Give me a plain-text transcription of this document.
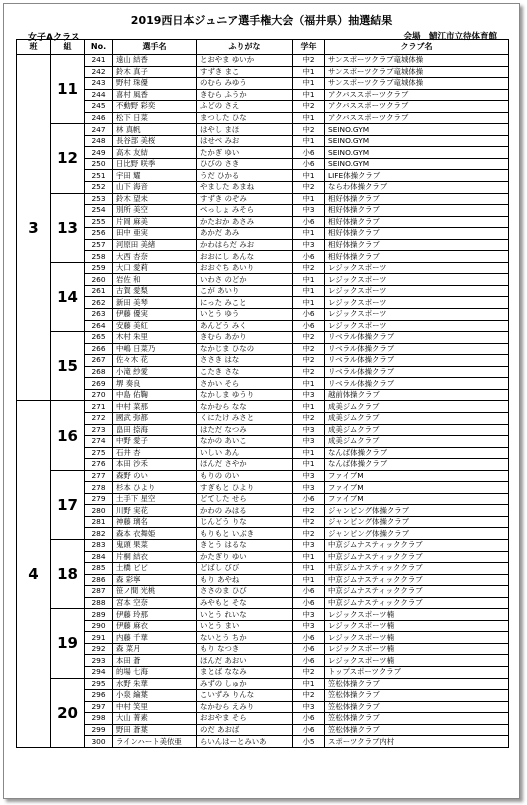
2019西日本ジュニア選手権大会（福井県）抽選結果
女子Aクラス	会場　鯖江市立待体育館
班	組	No.	選手名	ふりがな	学年	クラブ名
3	11	241	遠山 結香	とおやま ゆいか	中2	サンスポーツクラブ竜城体操
		242	鈴木 真子	すずき まこ	中1	サンスポーツクラブ竜城体操
		243	野村 珠優	のむら みゆう	中1	サンスポーツクラブ竜城体操
		244	喜村 風香	きむら ふうか	中1	アクバススポーツクラブ
		245	不動野 彩奕	ふどの さえ	中2	アクバススポーツクラブ
		246	松下 日菜	まつした ひな	中1	アクバススポーツクラブ
	12	247	林 真帆	はやし まほ	中2	SEINO.GYM
		248	長谷部 美桜	はせべ みお	中1	SEINO.GYM
		249	高木 友結	たかぎ ゆい	小6	SEINO.GYM
		250	日比野 咲季	ひびの さき	小6	SEINO.GYM
		251	宇田 耀	うだ ひかる	中1	LIFE体操クラブ
		252	山下 海音	やました あまね	中2	ならわ体操クラブ
	13	253	鈴木 望未	すずき のぞみ	中1	相好体操クラブ
		254	別所 美空	べっしょ みそら	中3	相好体操クラブ
		255	片岡 麻美	かたおか あさみ	小6	相好体操クラブ
		256	田中 亜実	あかだ あみ	中1	相好体操クラブ
		257	河原田 美緒	かわはらだ みお	中3	相好体操クラブ
		258	大西 杏奈	おおにし あんな	小6	相好体操クラブ
	14	259	大口 愛莉	おおぐち あいり	中2	レジックスポーツ
		260	岩佐 和	いわさ のどか	中1	レジックスポーツ
		261	古賀 愛梨	こが あいり	中1	レジックスポーツ
		262	新田 美琴	にった みこと	中1	レジックスポーツ
		263	伊藤 優実	いとう ゆう	小6	レジックスポーツ
		264	安藤 美紅	あんどう みく	小6	レジックスポーツ
	15	265	木村 朱里	きむら あかり	中2	リベラル体操クラブ
		266	中嶋 日菜乃	なかじま ひなの	中2	リベラル体操クラブ
		267	佐々木 花	ささき はな	中2	リベラル体操クラブ
		268	小滝 紗愛	こたき さな	中2	リベラル体操クラブ
		269	堺 奏良	さかい そら	中1	リベラル体操クラブ
		270	中島 佑鞠	なかしま ゆうり	中3	越前体操クラブ
4	16	271	中村 菜那	なかむら なな	中1	成美ジムクラブ
		272	國武 弥都	くにたけ みさと	中2	成美ジムクラブ
		273	畠田 捺海	はただ なつみ	中3	成美ジムクラブ
		274	中野 愛子	なかの あいこ	中3	成美ジムクラブ
		275	石井 杏	いしい あん	中1	なんば体操クラブ
		276	本田 沙禾	ほんだ さやか	中1	なんば体操クラブ
	17	277	森野 のい	もりの のい	中3	ファイブM
		278	杉本 ひより	すぎもと ひより	中3	ファイブM
		279	土手下 星空	どてした せら	小6	ファイブM
		280	川野 実花	かわの みはる	中2	ジャンピング体操クラブ
		281	神藤 璃名	じんどう りな	中2	ジャンピング体操クラブ
		282	森本 衣舞姫	もりもと いぶき	中2	ジャンピング体操クラブ
	18	283	鬼頭 果菜	きとう はるな	中3	中京ジムナスティッククラブ
		284	片桐 結衣	かたぎり ゆい	中1	中京ジムナスティッククラブ
		285	土橋 ビビ	どばし びび	中1	中京ジムナスティッククラブ
		286	森 彩寧	もり あやね	中1	中京ジムナスティッククラブ
		287	笹ノ間 光桃	ささのま ひび	小6	中京ジムナスティッククラブ
		288	宮本 空奈	みやもと そな	小6	中京ジムナスティッククラブ
	19	289	伊藤 玲那	いとう れいな	中3	レジックスポーツ楠
		290	伊藤 麻衣	いとう まい	中3	レジックスポーツ楠
		291	内藤 千華	ないとう ちか	小6	レジックスポーツ楠
		292	森 菜月	もり なつき	小6	レジックスポーツ楠
		293	本田 蒼	ほんだ あおい	小6	レジックスポーツ楠
		294	的場 七海	まとば ななみ	中2	トップスポーツクラブ
	20	295	水野 朱華	みずの しゅか	中1	笠松体操クラブ
		296	小泉 綸葉	こいずみ りんな	中2	笠松体操クラブ
		297	中村 笑里	なかむら えみり	中3	笠松体操クラブ
		298	大山 菁素	おおやま そら	小6	笠松体操クラブ
		299	野田 蒼葉	のだ あおば	小6	笠松体操クラブ
		300	ラインハート美依亜	らいんはーとみいあ	小5	スポーツクラブ内村
